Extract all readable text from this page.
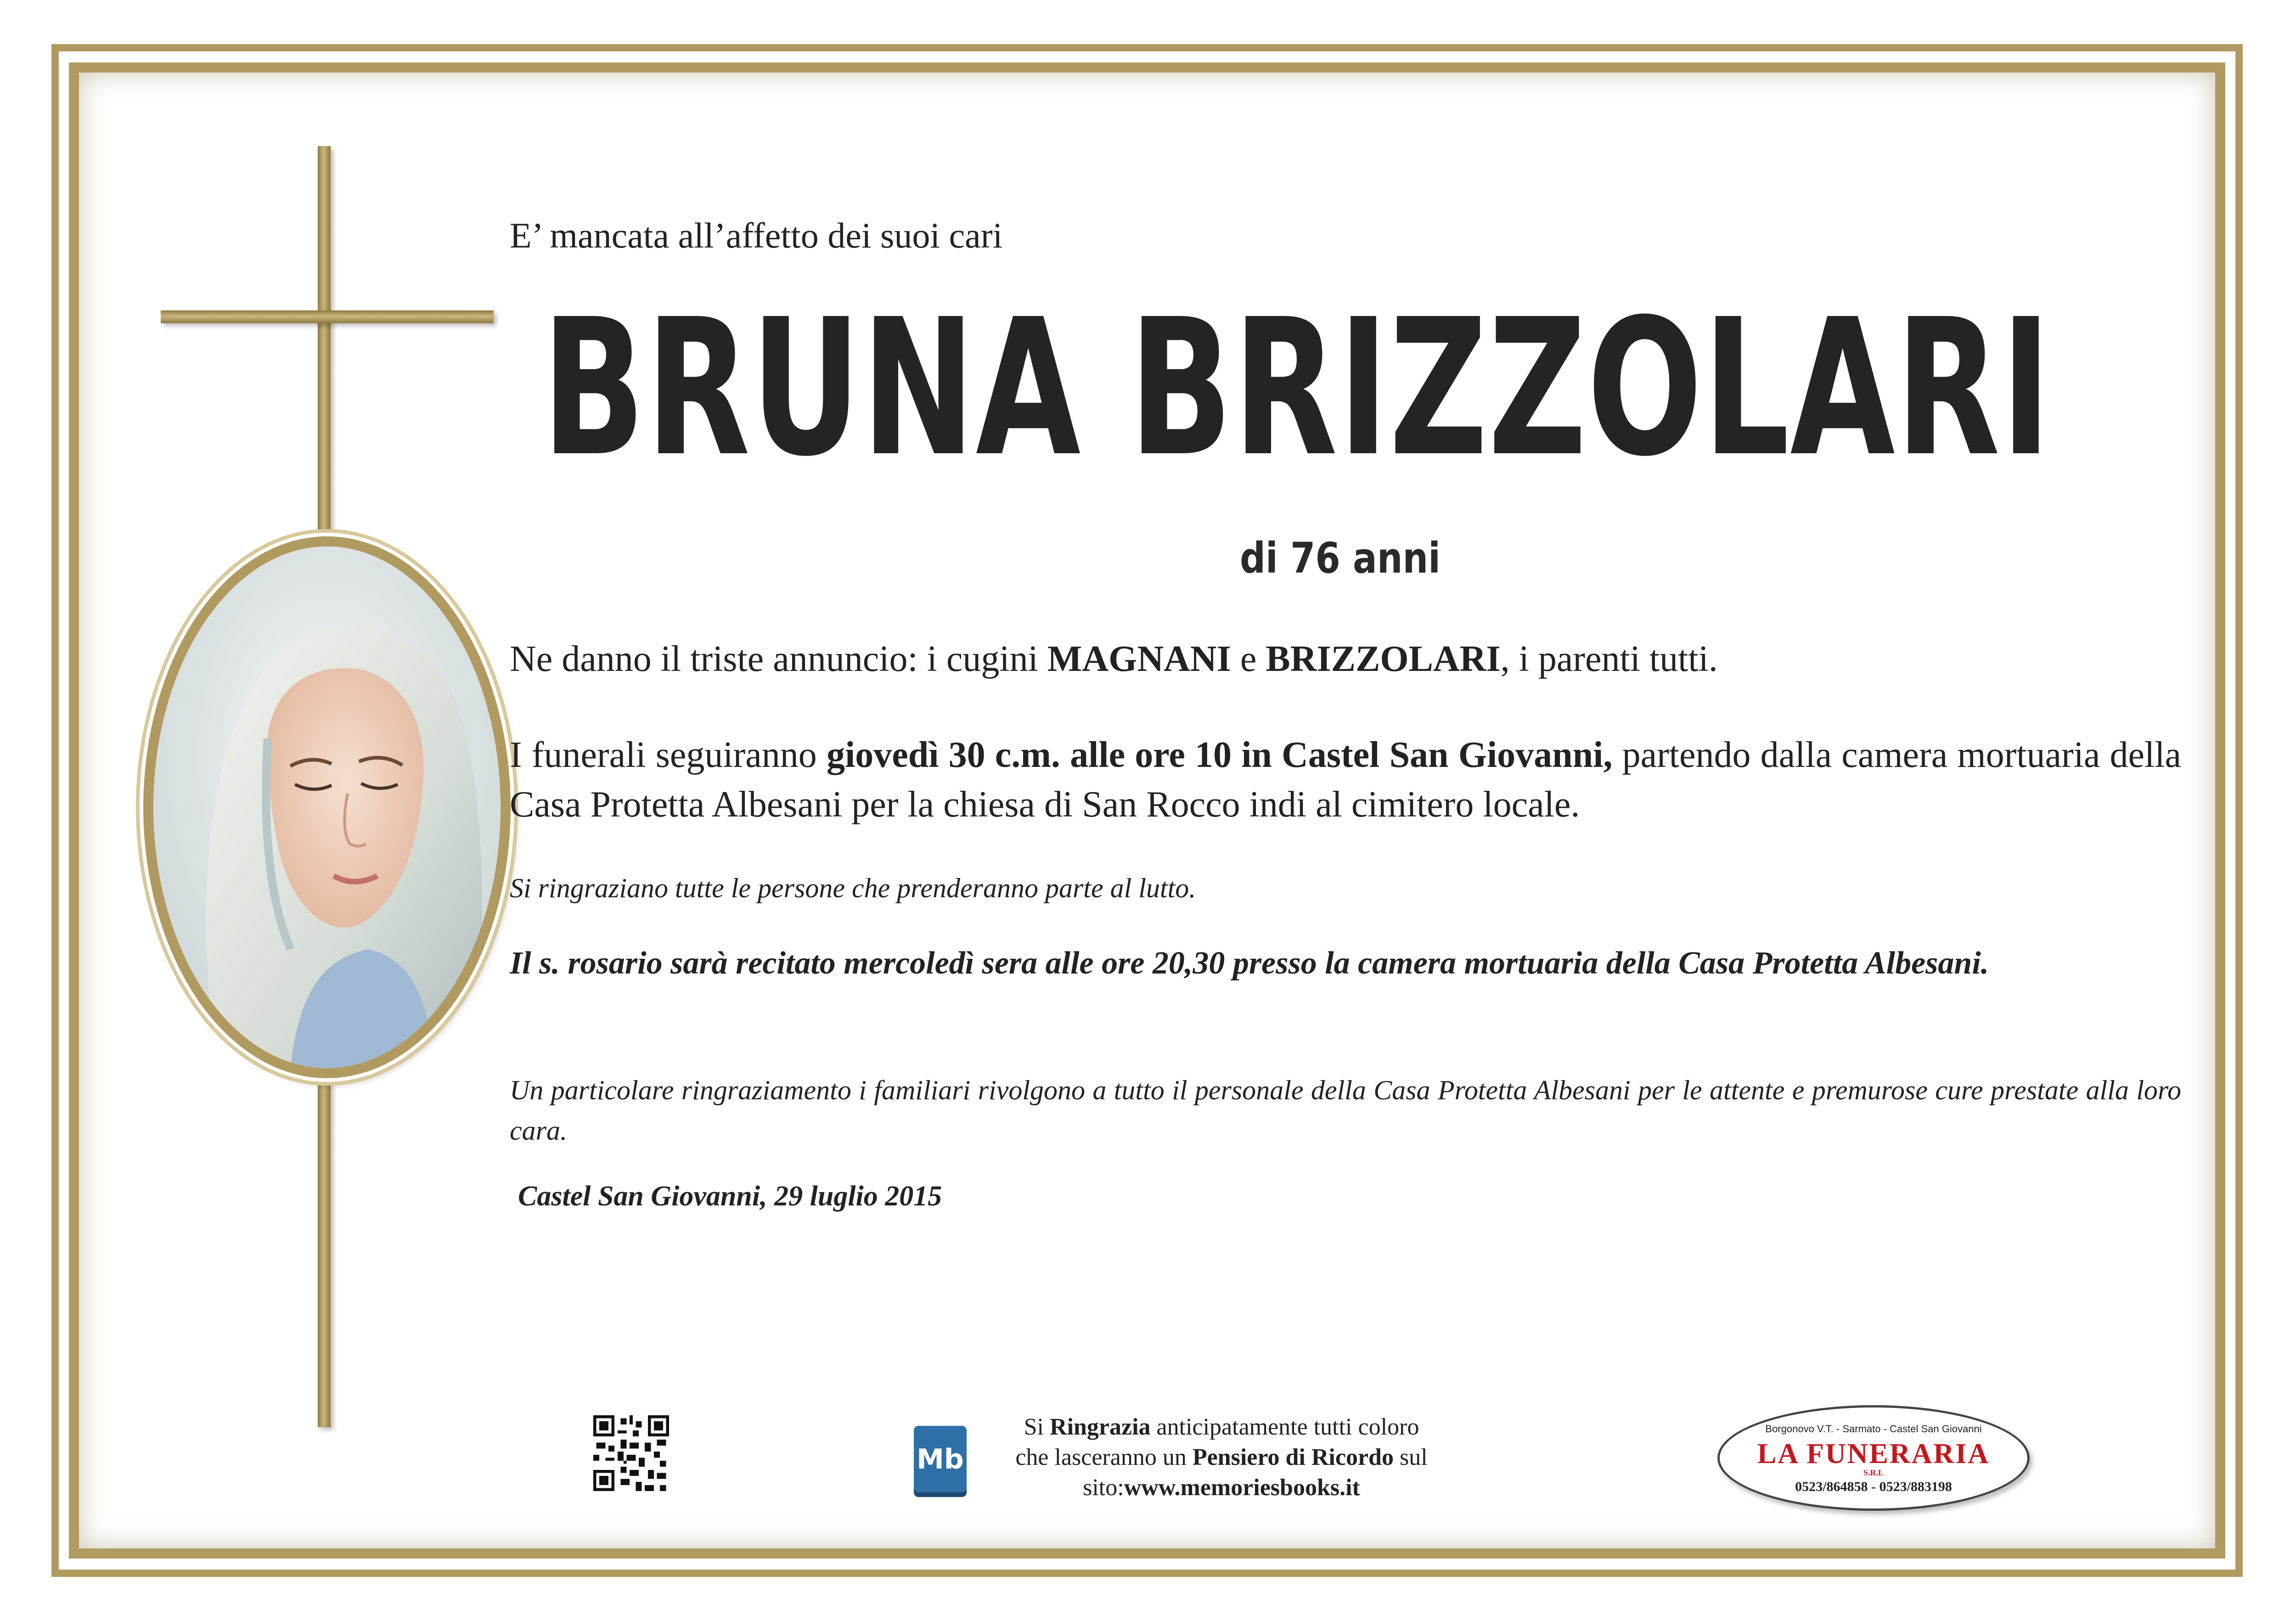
E’ mancata all’affetto dei suoi cari

BRUNA BRIZZOLARI

di 76 anni

Ne danno il triste annuncio: i cugini MAGNANI e BRIZZOLARI, i parenti tutti.

I funerali seguiranno giovedì 30 c.m. alle ore 10 in Castel San Giovanni, partendo dalla camera mortuaria della Casa Protetta Albesani per la chiesa di San Rocco indi al cimitero locale.

Si ringraziano tutte le persone che prenderanno parte al lutto.

Il s. rosario sarà recitato mercoledì sera alle ore 20,30 presso la camera mortuaria della Casa Protetta Albesani.

Un particolare ringraziamento i familiari rivolgono a tutto il personale della Casa Protetta Albesani per le attente e premurose cure prestate alla loro cara.

Castel San Giovanni, 29 luglio 2015

Mb

Si Ringrazia anticipatamente tutti coloro

che lasceranno un Pensiero di Ricordo sul

sito:www.memoriesbooks.it

Borgonovo V.T. - Sarmato - Castel San Giovanni
LA FUNERARIA
S.R.L
0523/864858 - 0523/883198
